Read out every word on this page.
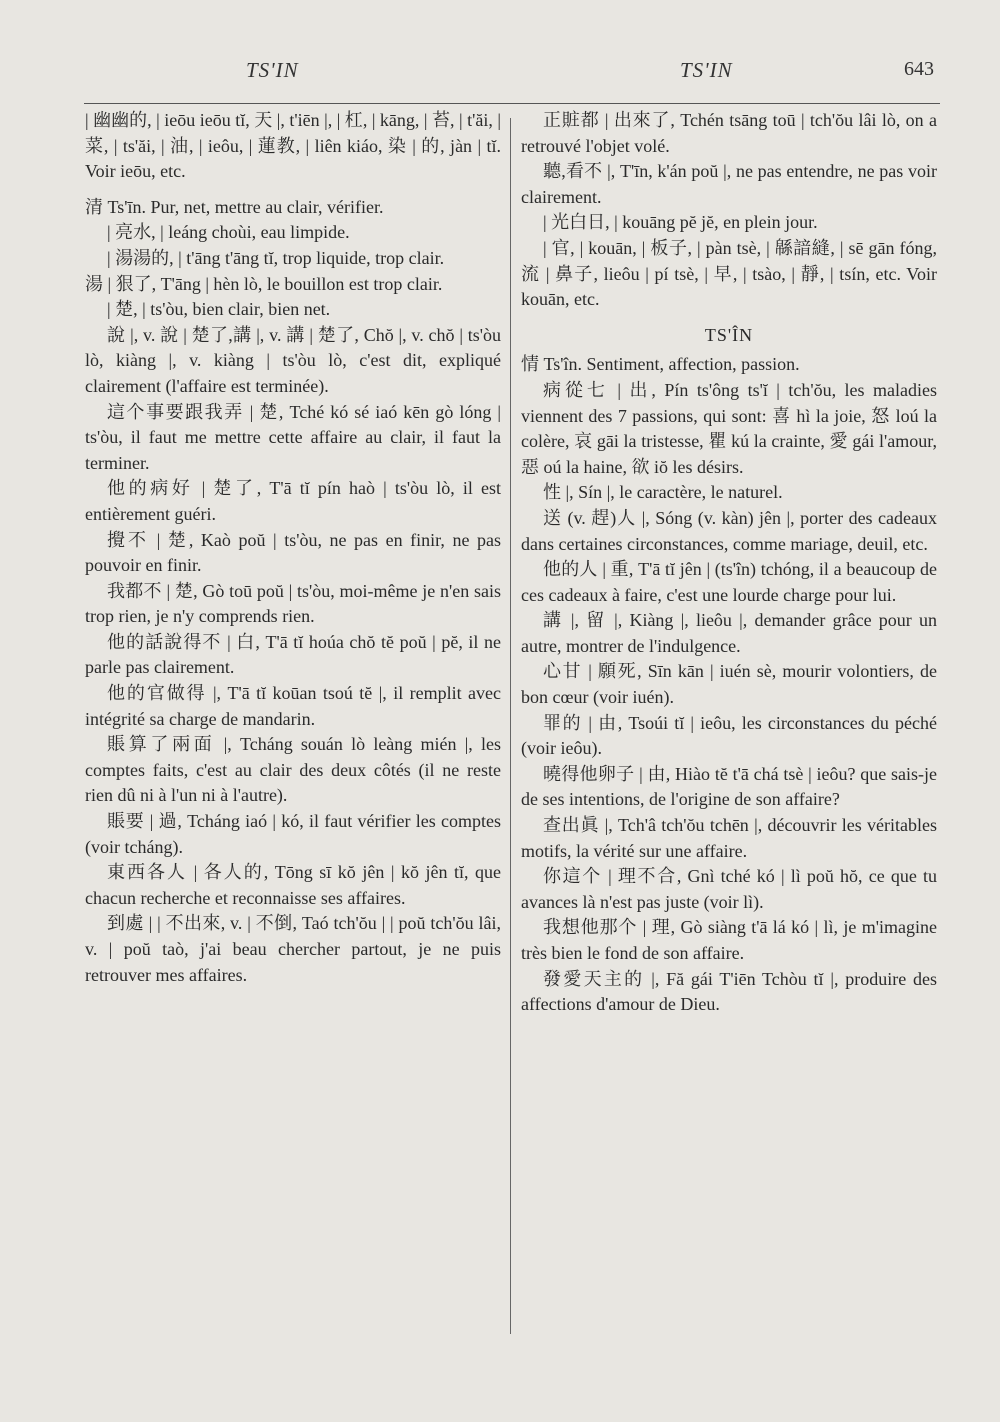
TS'IN	TS'IN	643

| 幽幽的, | ieōu ieōu tĭ, 天 |, t'iēn |, | 杠, | kāng, | 苔, | t'ăi, | 菜, | ts'ăi, | 油, | ieôu, | 蓮教, | liên kiáo, 染 | 的, jàn | tĭ. Voir ieōu, etc.

清 Ts'īn. Pur, net, mettre au clair, vérifier.

| 亮水, | leáng choùi, eau limpide.

| 湯湯的, | t'āng t'āng tĭ, trop liquide, trop clair.

湯 | 狠了, T'āng | hèn lò, le bouillon est trop clair.

| 楚, | ts'òu, bien clair, bien net.

說 |, v. 說 | 楚了,講 |, v. 講 | 楚了, Chŏ |, v. chŏ | ts'òu lò, kiàng |, v. kiàng | ts'òu lò, c'est dit, expliqué clairement (l'affaire est terminée).

這个事要跟我弄 | 楚, Tché kó sé iaó kēn gò lóng | ts'òu, il faut me mettre cette affaire au clair, il faut la terminer.

他的病好 | 楚了, T'ā tĭ pín haò | ts'òu lò, il est entièrement guéri.

攪不 | 楚, Kaò poŭ | ts'òu, ne pas en finir, ne pas pouvoir en finir.

我都不 | 楚, Gò toū poŭ | ts'òu, moi-même je n'en sais trop rien, je n'y comprends rien.

他的話說得不 | 白, T'ā tĭ hoúa chŏ tĕ poŭ | pĕ, il ne parle pas clairement.

他的官做得 |, T'ā tĭ koūan tsoú tĕ |, il remplit avec intégrité sa charge de mandarin.

賬算了兩面 |, Tcháng souán lò leàng mién |, les comptes faits, c'est au clair des deux côtés (il ne reste rien dû ni à l'un ni à l'autre).

賬要 | 過, Tcháng iaó | kó, il faut vérifier les comptes (voir tcháng).

東西各人 | 各人的, Tōng sī kŏ jên | kŏ jên tĭ, que chacun recherche et reconnaisse ses affaires.

到處 | | 不出來, v. | 不倒, Taó tch'ŏu | | poŭ tch'ŏu lâi, v. | poŭ taò, j'ai beau chercher partout, je ne puis retrouver mes affaires.

正賍都 | 出來了, Tchén tsāng toū | tch'ŏu lâi lò, on a retrouvé l'objet volé.

聽,看不 |, T'īn, k'án poŭ |, ne pas entendre, ne pas voir clairement.

| 光白日, | kouāng pĕ jĕ, en plein jour.

| 官, | kouān, | 板子, | pàn tsè, | 緜諳縫, | sē gān fóng, 流 | 鼻子, lieôu | pí tsè, | 早, | tsào, | 靜, | tsín, etc. Voir kouān, etc.

TS'ÎN

情 Ts'în. Sentiment, affection, passion.

病從七 | 出, Pín ts'ông ts'ĭ | tch'ŏu, les maladies viennent des 7 passions, qui sont: 喜 hì la joie, 怒 loú la colère, 哀 gāi la tristesse, 瞿 kú la crainte, 愛 gái l'amour, 惡 oú la haine, 欲 iŏ les désirs.

性 |, Sín |, le caractère, le naturel.

送 (v. 趕)人 |, Sóng (v. kàn) jên |, porter des cadeaux dans certaines circonstances, comme mariage, deuil, etc.

他的人 | 重, T'ā tĭ jên | (ts'în) tchóng, il a beaucoup de ces cadeaux à faire, c'est une lourde charge pour lui.

講 |, 留 |, Kiàng |, lieôu |, demander grâce pour un autre, montrer de l'indulgence.

心甘 | 願死, Sīn kān | iuén sè, mourir volontiers, de bon cœur (voir iuén).

罪的 | 由, Tsoúi tĭ | ieôu, les circonstances du péché (voir ieôu).

曉得他卵子 | 由, Hiào tĕ t'ā chá tsè | ieôu? que sais-je de ses intentions, de l'origine de son affaire?

查出眞 |, Tch'â tch'ŏu tchēn |, découvrir les véritables motifs, la vérité sur une affaire.

你這个 | 理不合, Gnì tché kó | lì poŭ hŏ, ce que tu avances là n'est pas juste (voir lì).

我想他那个 | 理, Gò siàng t'ā lá kó | lì, je m'imagine très bien le fond de son affaire.

發愛天主的 |, Fă gái T'iēn Tchòu tĭ |, produire des affections d'amour de Dieu.
